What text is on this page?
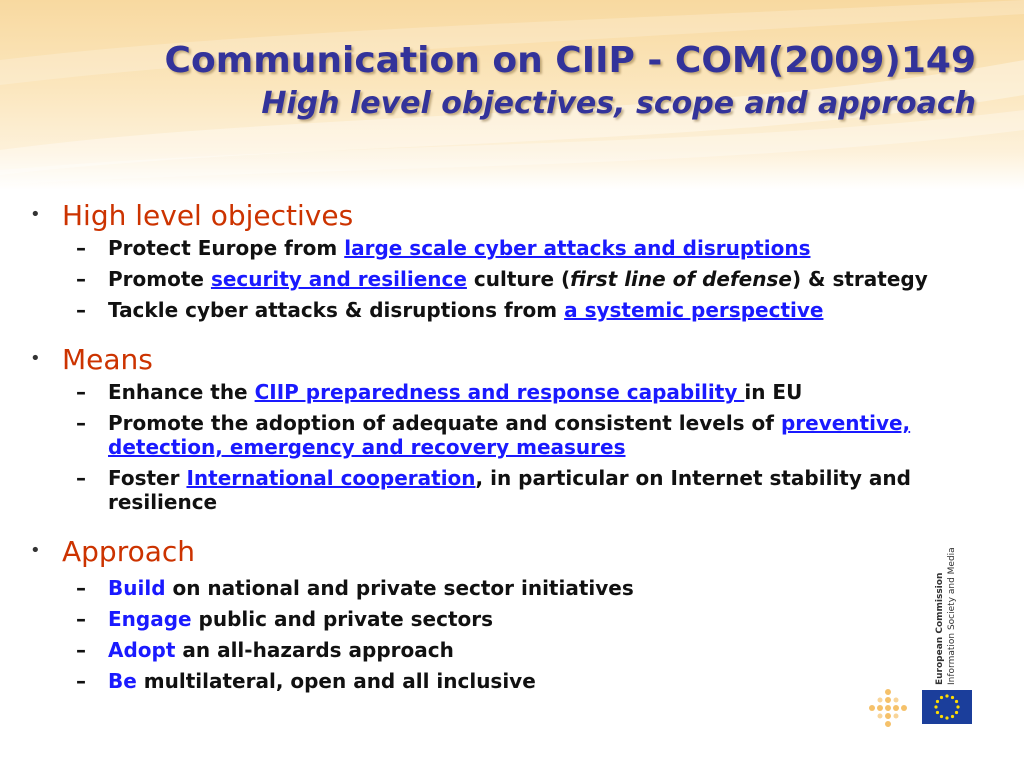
Communication on CIIP - COM(2009)149
High level objectives, scope and approach
• High level objectives
– Protect Europe from large scale cyber attacks and disruptions
– Promote security and resilience culture (first line of defense) & strategy
– Tackle cyber attacks & disruptions from a systemic perspective
• Means
– Enhance the CIIP preparedness and response capability in EU
– Promote the adoption of adequate and consistent levels of preventive, detection, emergency and recovery measures
– Foster International cooperation, in particular on Internet stability and resilience
• Approach
– Build on national and private sector initiatives
– Engage public and private sectors
– Adopt an all-hazards approach
– Be multilateral, open and all inclusive	European Commission Information Society and Media
